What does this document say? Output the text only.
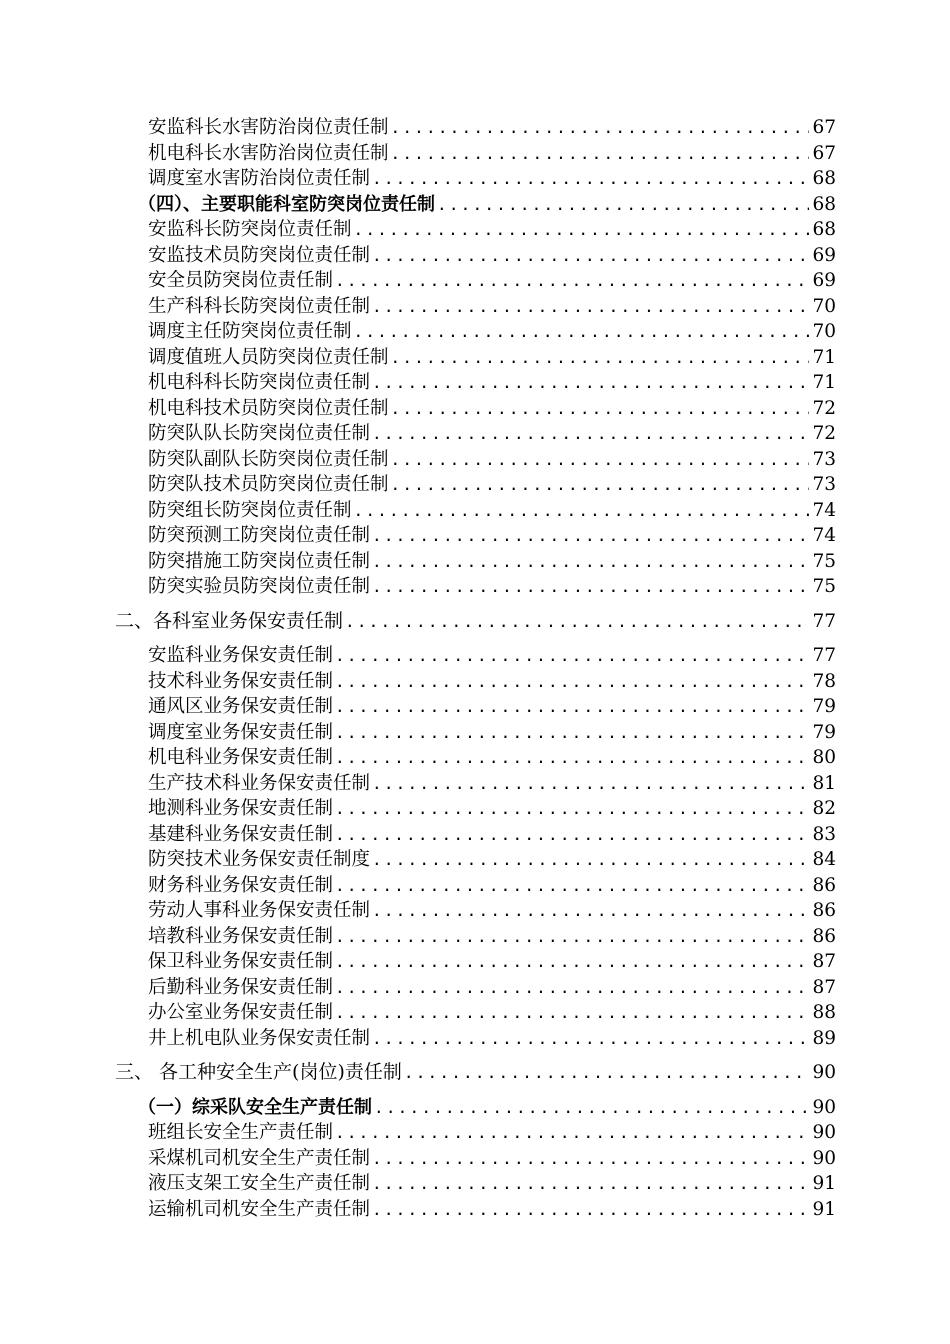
安监科长水害防治岗位责任制 .....	67
机电科长水害防治岗位责任制 .....	67
调度室水害防治岗位责任制 .....	68
（四）、主要职能科室防突岗位责任制 .....	68
安监科长防突岗位责任制 .....	68
安监技术员防突岗位责任制 .....	69
安全员防突岗位责任制 .....	69
生产科科长防突岗位责任制 .....	70
调度主任防突岗位责任制 .....	70
调度值班人员防突岗位责任制 .....	71
机电科科长防突岗位责任制 .....	71
机电科技术员防突岗位责任制 .....	72
防突队队长防突岗位责任制 .....	72
防突队副队长防突岗位责任制 .....	73
防突队技术员防突岗位责任制 .....	73
防突组长防突岗位责任制 .....	74
防突预测工防突岗位责任制 .....	74
防突措施工防突岗位责任制 .....	75
防突实验员防突岗位责任制 .....	75
二、各科室业务保安责任制 .....	77
安监科业务保安责任制 .....	77
技术科业务保安责任制 .....	78
通风区业务保安责任制 .....	79
调度室业务保安责任制 .....	79
机电科业务保安责任制 .....	80
生产技术科业务保安责任制 .....	81
地测科业务保安责任制 .....	82
基建科业务保安责任制 .....	83
防突技术业务保安责任制度 .....	84
财务科业务保安责任制 .....	86
劳动人事科业务保安责任制 .....	86
培教科业务保安责任制 .....	86
保卫科业务保安责任制 .....	87
后勤科业务保安责任制 .....	87
办公室业务保安责任制 .....	88
井上机电队业务保安责任制 .....	89
三、 各工种安全生产(岗位)责任制 .....	90
（一）综采队安全生产责任制 .....	90
班组长安全生产责任制 .....	90
采煤机司机安全生产责任制 .....	90
液压支架工安全生产责任制 .....	91
运输机司机安全生产责任制 .....	91
